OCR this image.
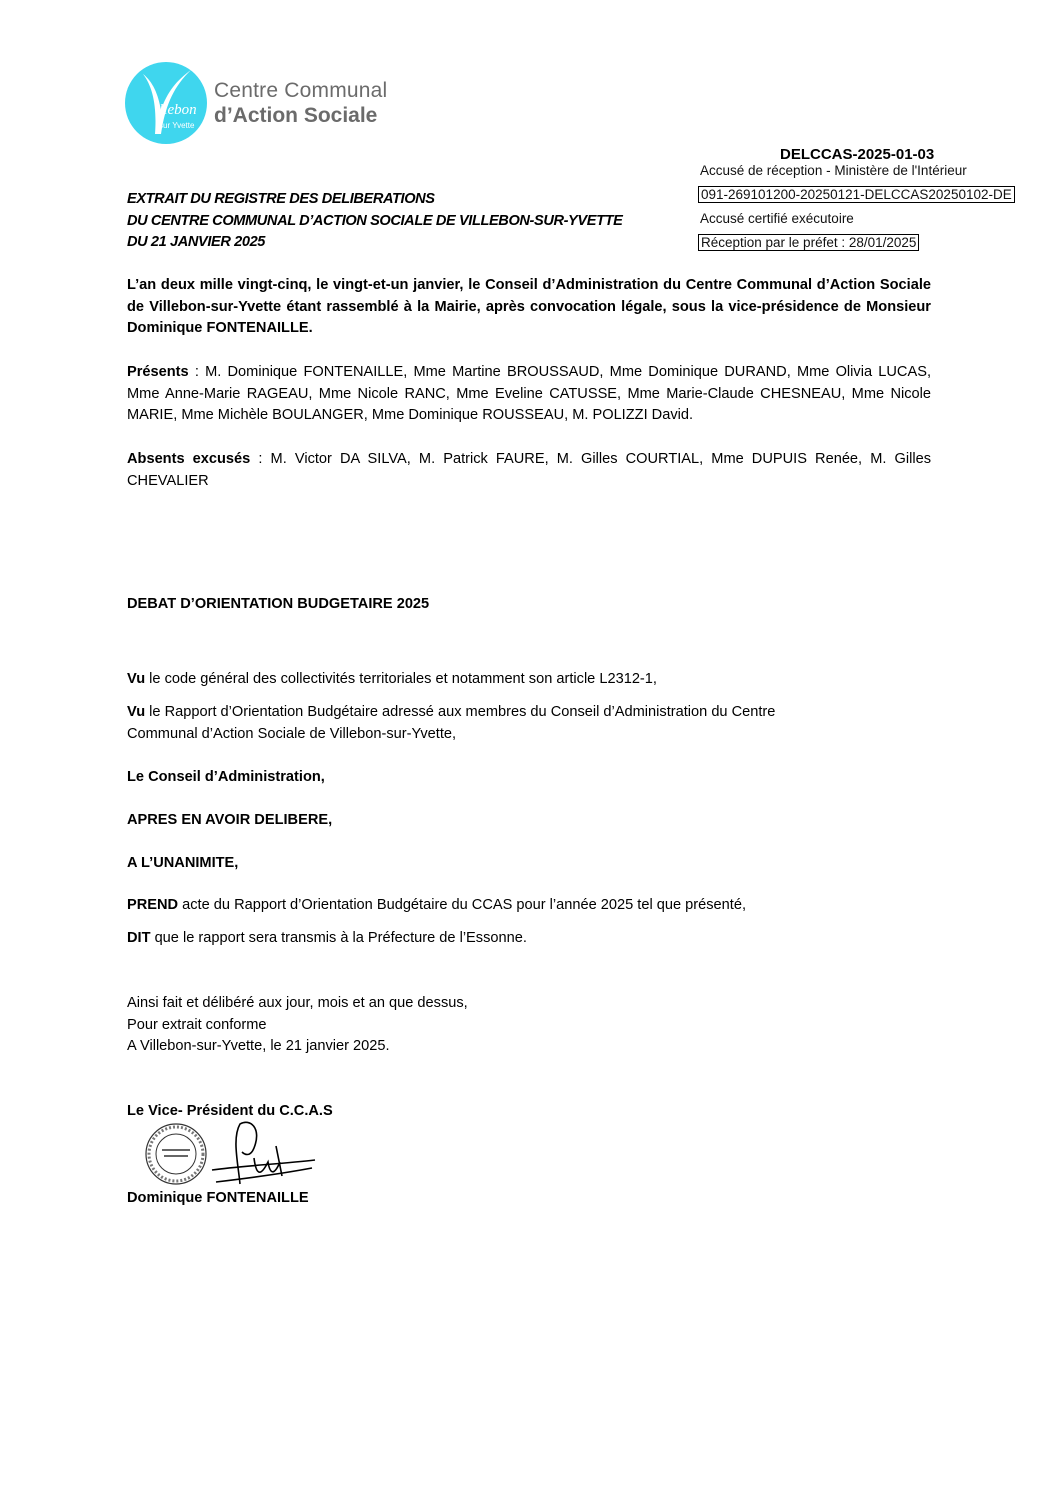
illebon
sur Yvette
Centre Communal
d’Action Sociale
DELCCAS-2025-01-03
Accusé de réception - Ministère de l'Intérieur
091-269101200-20250121-DELCCAS20250102-DE
Accusé certifié exécutoire
Réception par le préfet : 28/01/2025
EXTRAIT DU REGISTRE DES DELIBERATIONS
DU CENTRE COMMUNAL D’ACTION SOCIALE DE VILLEBON-SUR-YVETTE
DU 21 JANVIER 2025
L’an deux mille vingt-cinq, le vingt-et-un janvier, le Conseil d’Administration du Centre Communal d’Action Sociale de Villebon-sur-Yvette étant rassemblé à la Mairie, après convocation légale, sous la vice-présidence de Monsieur Dominique FONTENAILLE.
Présents : M. Dominique FONTENAILLE, Mme Martine BROUSSAUD, Mme Dominique DURAND, Mme Olivia LUCAS, Mme Anne-Marie RAGEAU, Mme Nicole RANC, Mme Eveline CATUSSE, Mme Marie-Claude CHESNEAU, Mme Nicole MARIE, Mme Michèle BOULANGER, Mme Dominique ROUSSEAU, M. POLIZZI David.
Absents excusés : M. Victor DA SILVA, M. Patrick FAURE, M. Gilles COURTIAL, Mme DUPUIS Renée, M. Gilles CHEVALIER
DEBAT D’ORIENTATION BUDGETAIRE 2025
Vu le code général des collectivités territoriales et notamment son article L2312-1,
Vu le Rapport d’Orientation Budgétaire adressé aux membres du Conseil d’Administration du Centre
Communal d’Action Sociale de Villebon-sur-Yvette,
Le Conseil d’Administration,
APRES EN AVOIR DELIBERE,
A L’UNANIMITE,
PREND acte du Rapport d’Orientation Budgétaire du CCAS pour l’année 2025 tel que présenté,
DIT que le rapport sera transmis à la Préfecture de l’Essonne.
Ainsi fait et délibéré aux jour, mois et an que dessus,
Pour extrait conforme
A Villebon-sur-Yvette, le 21 janvier 2025.
Le Vice- Président du C.C.A.S
Dominique FONTENAILLE
